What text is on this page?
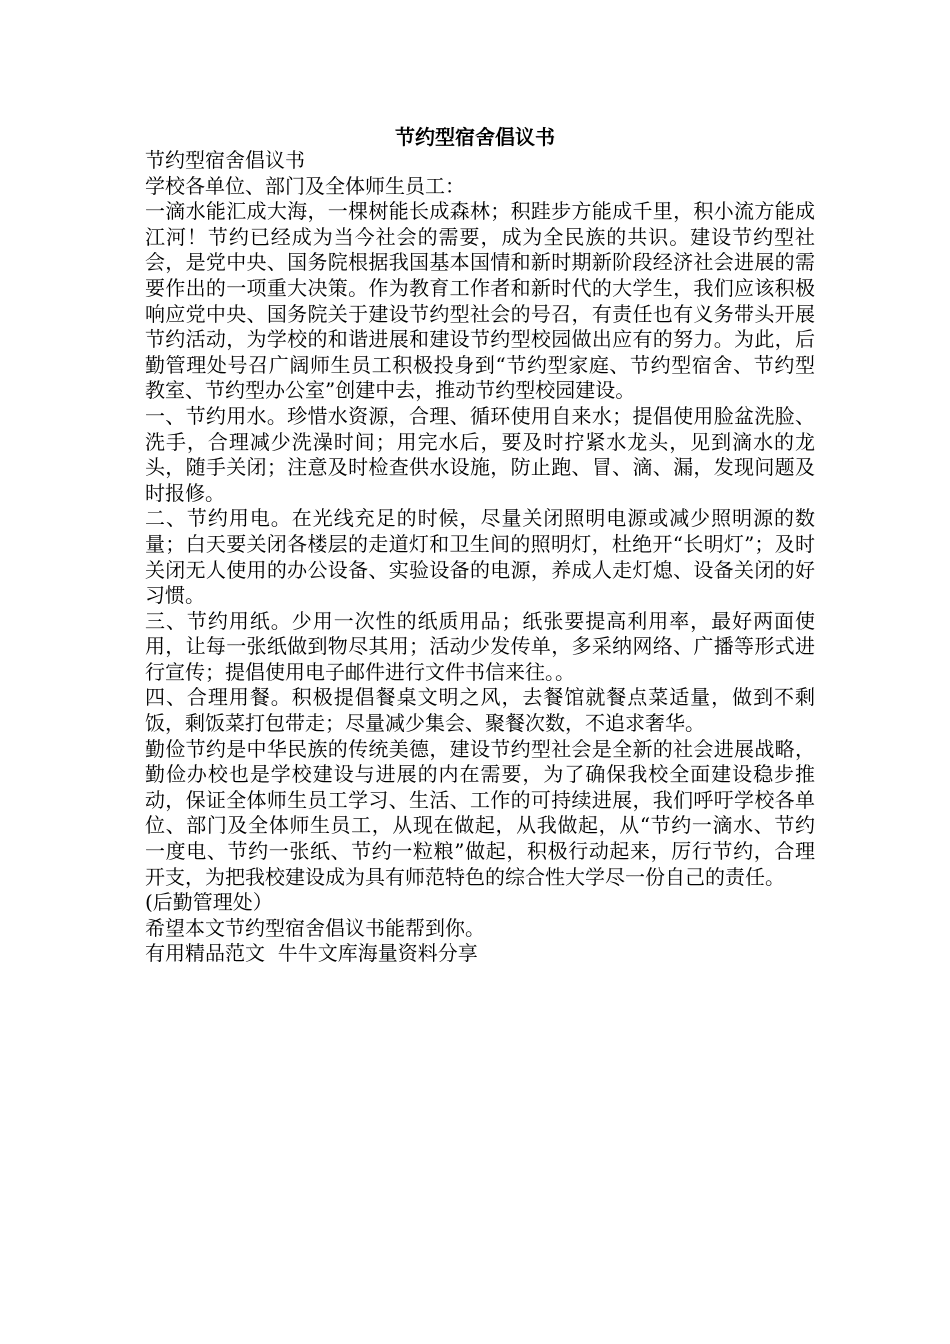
节约型宿舍倡议书

节约型宿舍倡议书

学校各单位、部门及全体师生员工：

一滴水能汇成大海，一棵树能长成森林；积跬步方能成千里，积小流方能成江河！节约已经成为当今社会的需要，成为全民族的共识。建设节约型社会，是党中央、国务院根据我国基本国情和新时期新阶段经济社会进展的需要作出的一项重大决策。作为教育工作者和新时代的大学生，我们应该积极响应党中央、国务院关于建设节约型社会的号召，有责任也有义务带头开展节约活动，为学校的和谐进展和建设节约型校园做出应有的努力。为此，后勤管理处号召广阔师生员工积极投身到“节约型家庭、节约型宿舍、节约型教室、节约型办公室”创建中去，推动节约型校园建设。

一、节约用水。珍惜水资源，合理、循环使用自来水；提倡使用脸盆洗脸、洗手，合理减少洗澡时间；用完水后，要及时拧紧水龙头，见到滴水的龙头，随手关闭；注意及时检查供水设施，防止跑、冒、滴、漏，发现问题及时报修。

二、节约用电。在光线充足的时候，尽量关闭照明电源或减少照明源的数量；白天要关闭各楼层的走道灯和卫生间的照明灯，杜绝开“长明灯”；及时关闭无人使用的办公设备、实验设备的电源，养成人走灯熄、设备关闭的好习惯。

三、节约用纸。少用一次性的纸质用品；纸张要提高利用率，最好两面使用，让每一张纸做到物尽其用；活动少发传单，多采纳网络、广播等形式进行宣传；提倡使用电子邮件进行文件书信来往。。

四、合理用餐。积极提倡餐桌文明之风，去餐馆就餐点菜适量，做到不剩饭，剩饭菜打包带走；尽量减少集会、聚餐次数，不追求奢华。

勤俭节约是中华民族的传统美德，建设节约型社会是全新的社会进展战略，勤俭办校也是学校建设与进展的内在需要，为了确保我校全面建设稳步推动，保证全体师生员工学习、生活、工作的可持续进展，我们呼吁学校各单位、部门及全体师生员工，从现在做起，从我做起，从“节约一滴水、节约一度电、节约一张纸、节约一粒粮”做起，积极行动起来，厉行节约，合理开支，为把我校建设成为具有师范特色的综合性大学尽一份自己的责任。

(后勤管理处）

希望本文节约型宿舍倡议书能帮到你。

有用精品范文  牛牛文库海量资料分享
